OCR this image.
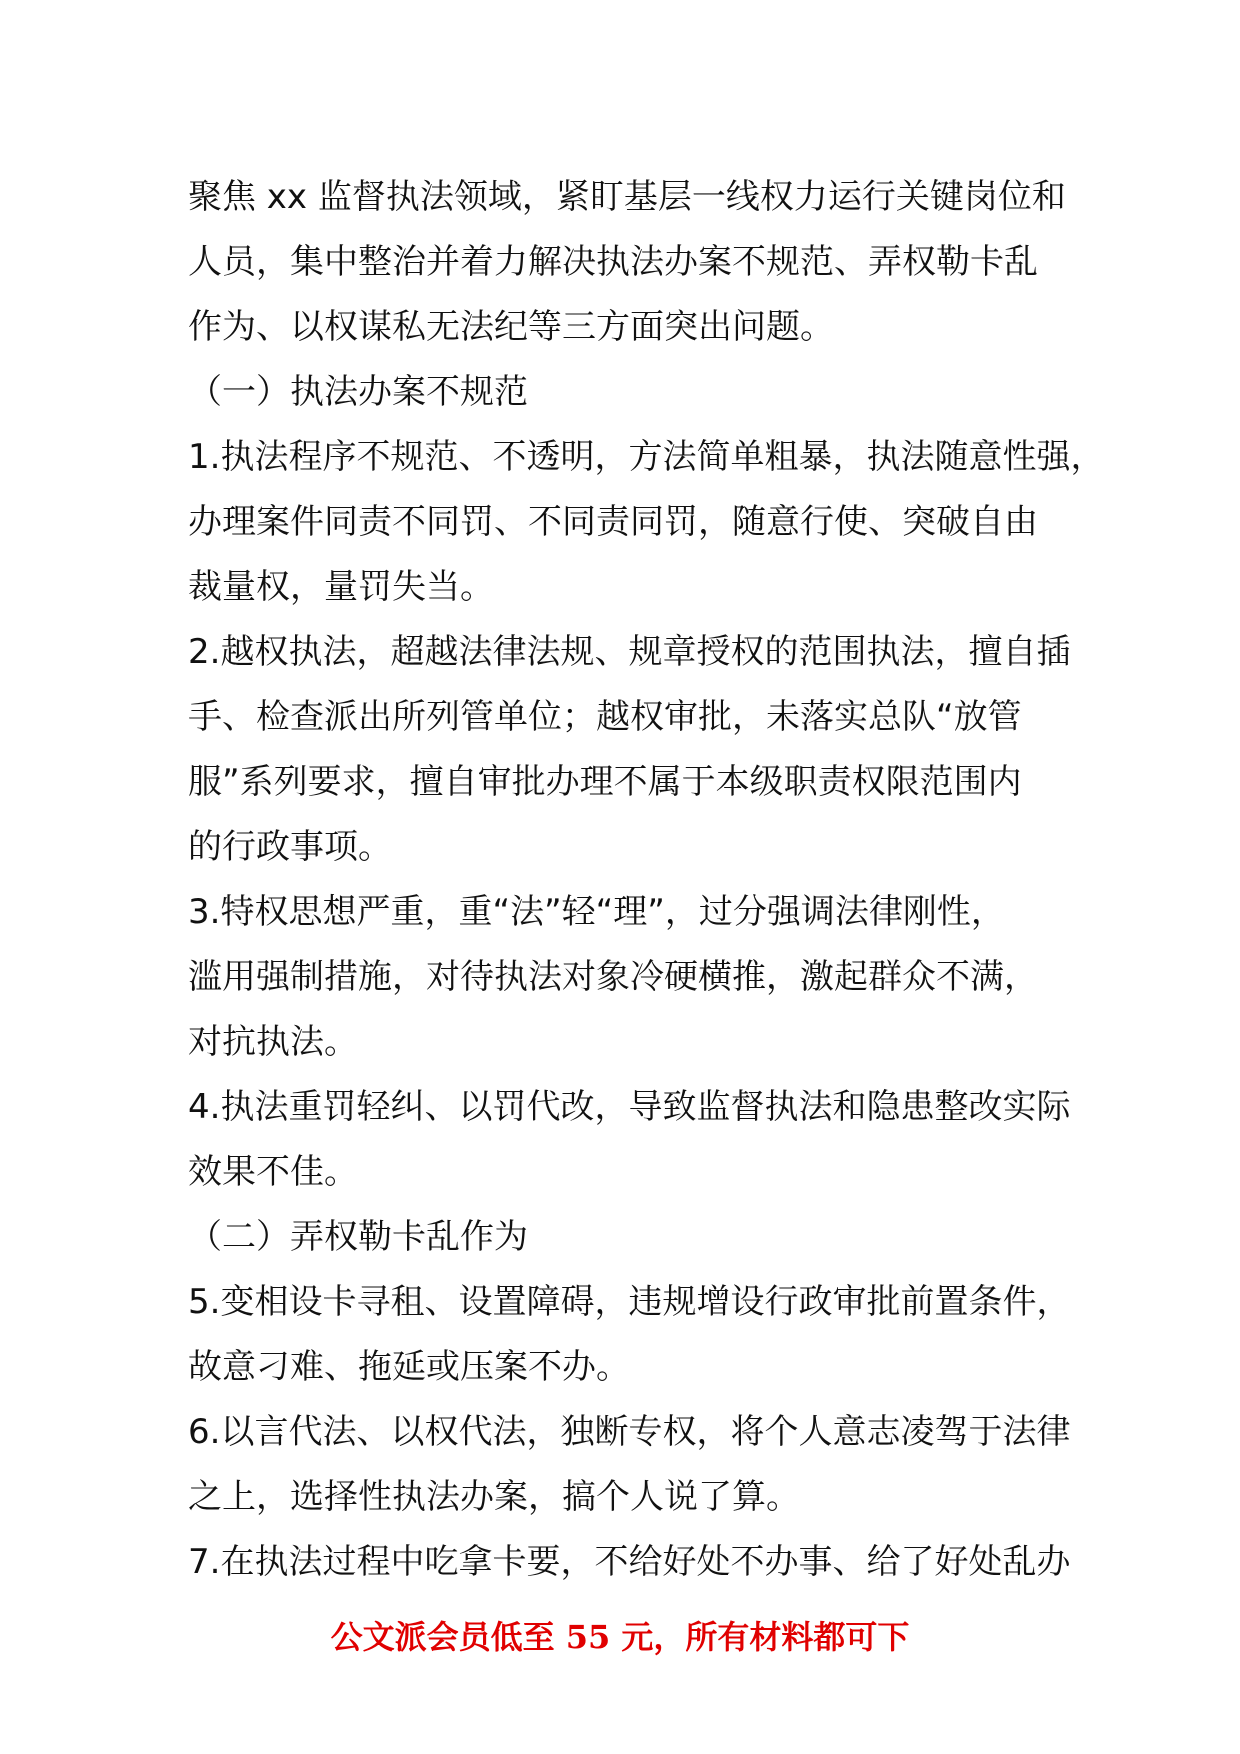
聚焦 xx 监督执法领域，紧盯基层一线权力运行关键岗位和
人员，集中整治并着力解决执法办案不规范、弄权勒卡乱
作为、以权谋私无法纪等三方面突出问题。
（一）执法办案不规范
1.执法程序不规范、不透明，方法简单粗暴，执法随意性强，
办理案件同责不同罚、不同责同罚，随意行使、突破自由
裁量权，量罚失当。
2.越权执法，超越法律法规、规章授权的范围执法，擅自插
手、检查派出所列管单位；越权审批，未落实总队“放管
服”系列要求，擅自审批办理不属于本级职责权限范围内
的行政事项。
3.特权思想严重，重“法”轻“理”，过分强调法律刚性，
滥用强制措施，对待执法对象冷硬横推，激起群众不满，
对抗执法。
4.执法重罚轻纠、以罚代改，导致监督执法和隐患整改实际
效果不佳。
（二）弄权勒卡乱作为
5.变相设卡寻租、设置障碍，违规增设行政审批前置条件，
故意刁难、拖延或压案不办。
6.以言代法、以权代法，独断专权，将个人意志凌驾于法律
之上，选择性执法办案，搞个人说了算。
7.在执法过程中吃拿卡要，不给好处不办事、给了好处乱办
公文派会员低至 55 元，所有材料都可下
